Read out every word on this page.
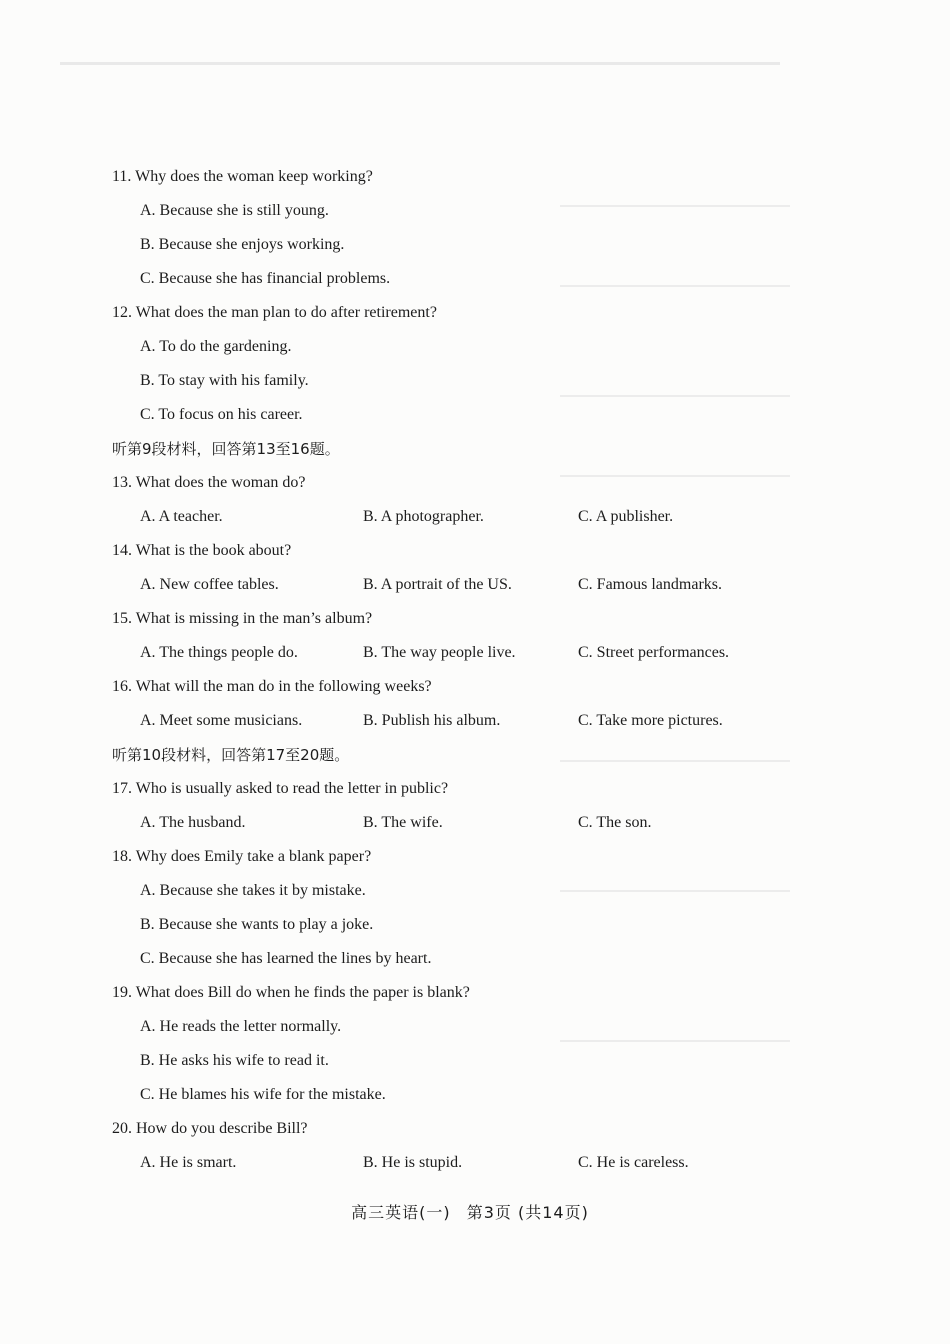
11. Why does the woman keep working?
A. Because she is still young.
B. Because she enjoys working.
C. Because she has financial problems.
12. What does the man plan to do after retirement?
A. To do the gardening.
B. To stay with his family.
C. To focus on his career.
听第9段材料，回答第13至16题。
13. What does the woman do?
A. A teacher.	B. A photographer.	C. A publisher.
14. What is the book about?
A. New coffee tables.	B. A portrait of the US.	C. Famous landmarks.
15. What is missing in the man’s album?
A. The things people do.	B. The way people live.	C. Street performances.
16. What will the man do in the following weeks?
A. Meet some musicians.	B. Publish his album.	C. Take more pictures.
听第10段材料，回答第17至20题。
17. Who is usually asked to read the letter in public?
A. The husband.	B. The wife.	C. The son.
18. Why does Emily take a blank paper?
A. Because she takes it by mistake.
B. Because she wants to play a joke.
C. Because she has learned the lines by heart.
19. What does Bill do when he finds the paper is blank?
A. He reads the letter normally.
B. He asks his wife to read it.
C. He blames his wife for the mistake.
20. How do you describe Bill?
A. He is smart.	B. He is stupid.	C. He is careless.
高三英语(一) 第3页 (共14页)
